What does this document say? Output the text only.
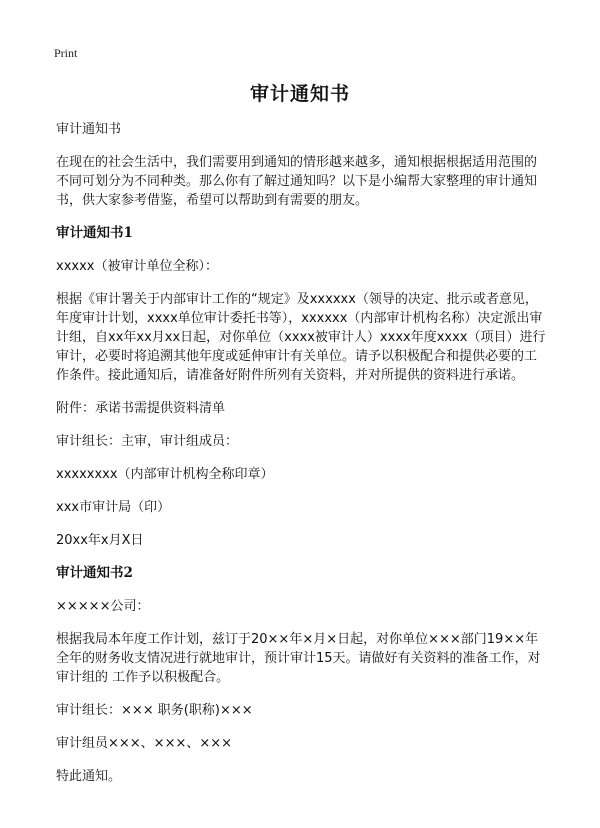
Print
审计通知书

审计通知书

在现在的社会生活中，我们需要用到通知的情形越来越多，通知根据根据适用范围的不同可划分为不同种类。那么你有了解过通知吗？以下是小编帮大家整理的审计通知书，供大家参考借鉴，希望可以帮助到有需要的朋友。

审计通知书1

xxxxx（被审计单位全称）：

根据《审计署关于内部审计工作的“规定》及xxxxxx（领导的决定、批示或者意见，年度审计计划，xxxx单位审计委托书等），xxxxxx（内部审计机构名称）决定派出审计组，自xx年xx月xx日起，对你单位（xxxx被审计人）xxxx年度xxxx（项目）进行审计，必要时将追溯其他年度或延伸审计有关单位。请予以积极配合和提供必要的工作条件。接此通知后，请准备好附件所列有关资料，并对所提供的资料进行承诺。

附件：承诺书需提供资料清单

审计组长：主审，审计组成员：

xxxxxxxx（内部审计机构全称印章）

xxx市审计局（印）

20xx年x月X日

审计通知书2

×××××公司：

根据我局本年度工作计划，兹订于20××年×月×日起，对你单位×××部门19××年全年的财务收支情况进行就地审计，预计审计15天。请做好有关资料的准备工作，对审计组的 工作予以积极配合。

审计组长：××× 职务(职称)×××

审计组员×××、×××、×××

特此通知。
